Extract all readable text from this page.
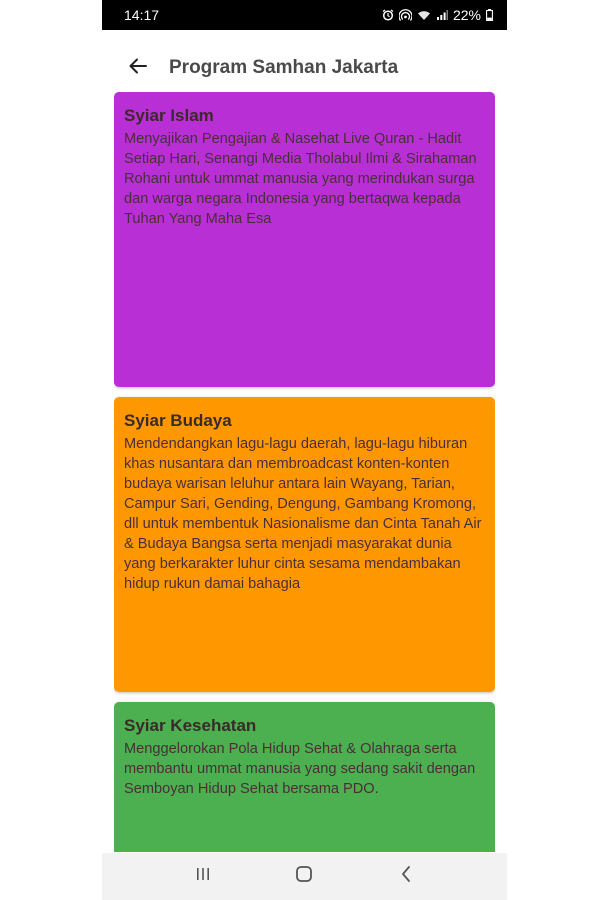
14:17	22%
Program Samhan Jakarta
Syiar Islam
Menyajikan Pengajian & Nasehat Live Quran - Hadit Setiap Hari, Senangi Media Tholabul Ilmi & Sirahaman Rohani untuk ummat manusia yang merindukan surga dan warga negara Indonesia yang bertaqwa kepada Tuhan Yang Maha Esa
Syiar Budaya
Mendendangkan lagu-lagu daerah, lagu-lagu hiburan khas nusantara dan membroadcast konten-konten budaya warisan leluhur antara lain Wayang, Tarian, Campur Sari, Gending, Dengung, Gambang Kromong, dll untuk membentuk Nasionalisme dan Cinta Tanah Air & Budaya Bangsa serta menjadi masyarakat dunia yang berkarakter luhur cinta sesama mendambakan hidup rukun damai bahagia
Syiar Kesehatan
Menggelorokan Pola Hidup Sehat & Olahraga serta membantu ummat manusia yang sedang sakit dengan Semboyan Hidup Sehat bersama PDO.
